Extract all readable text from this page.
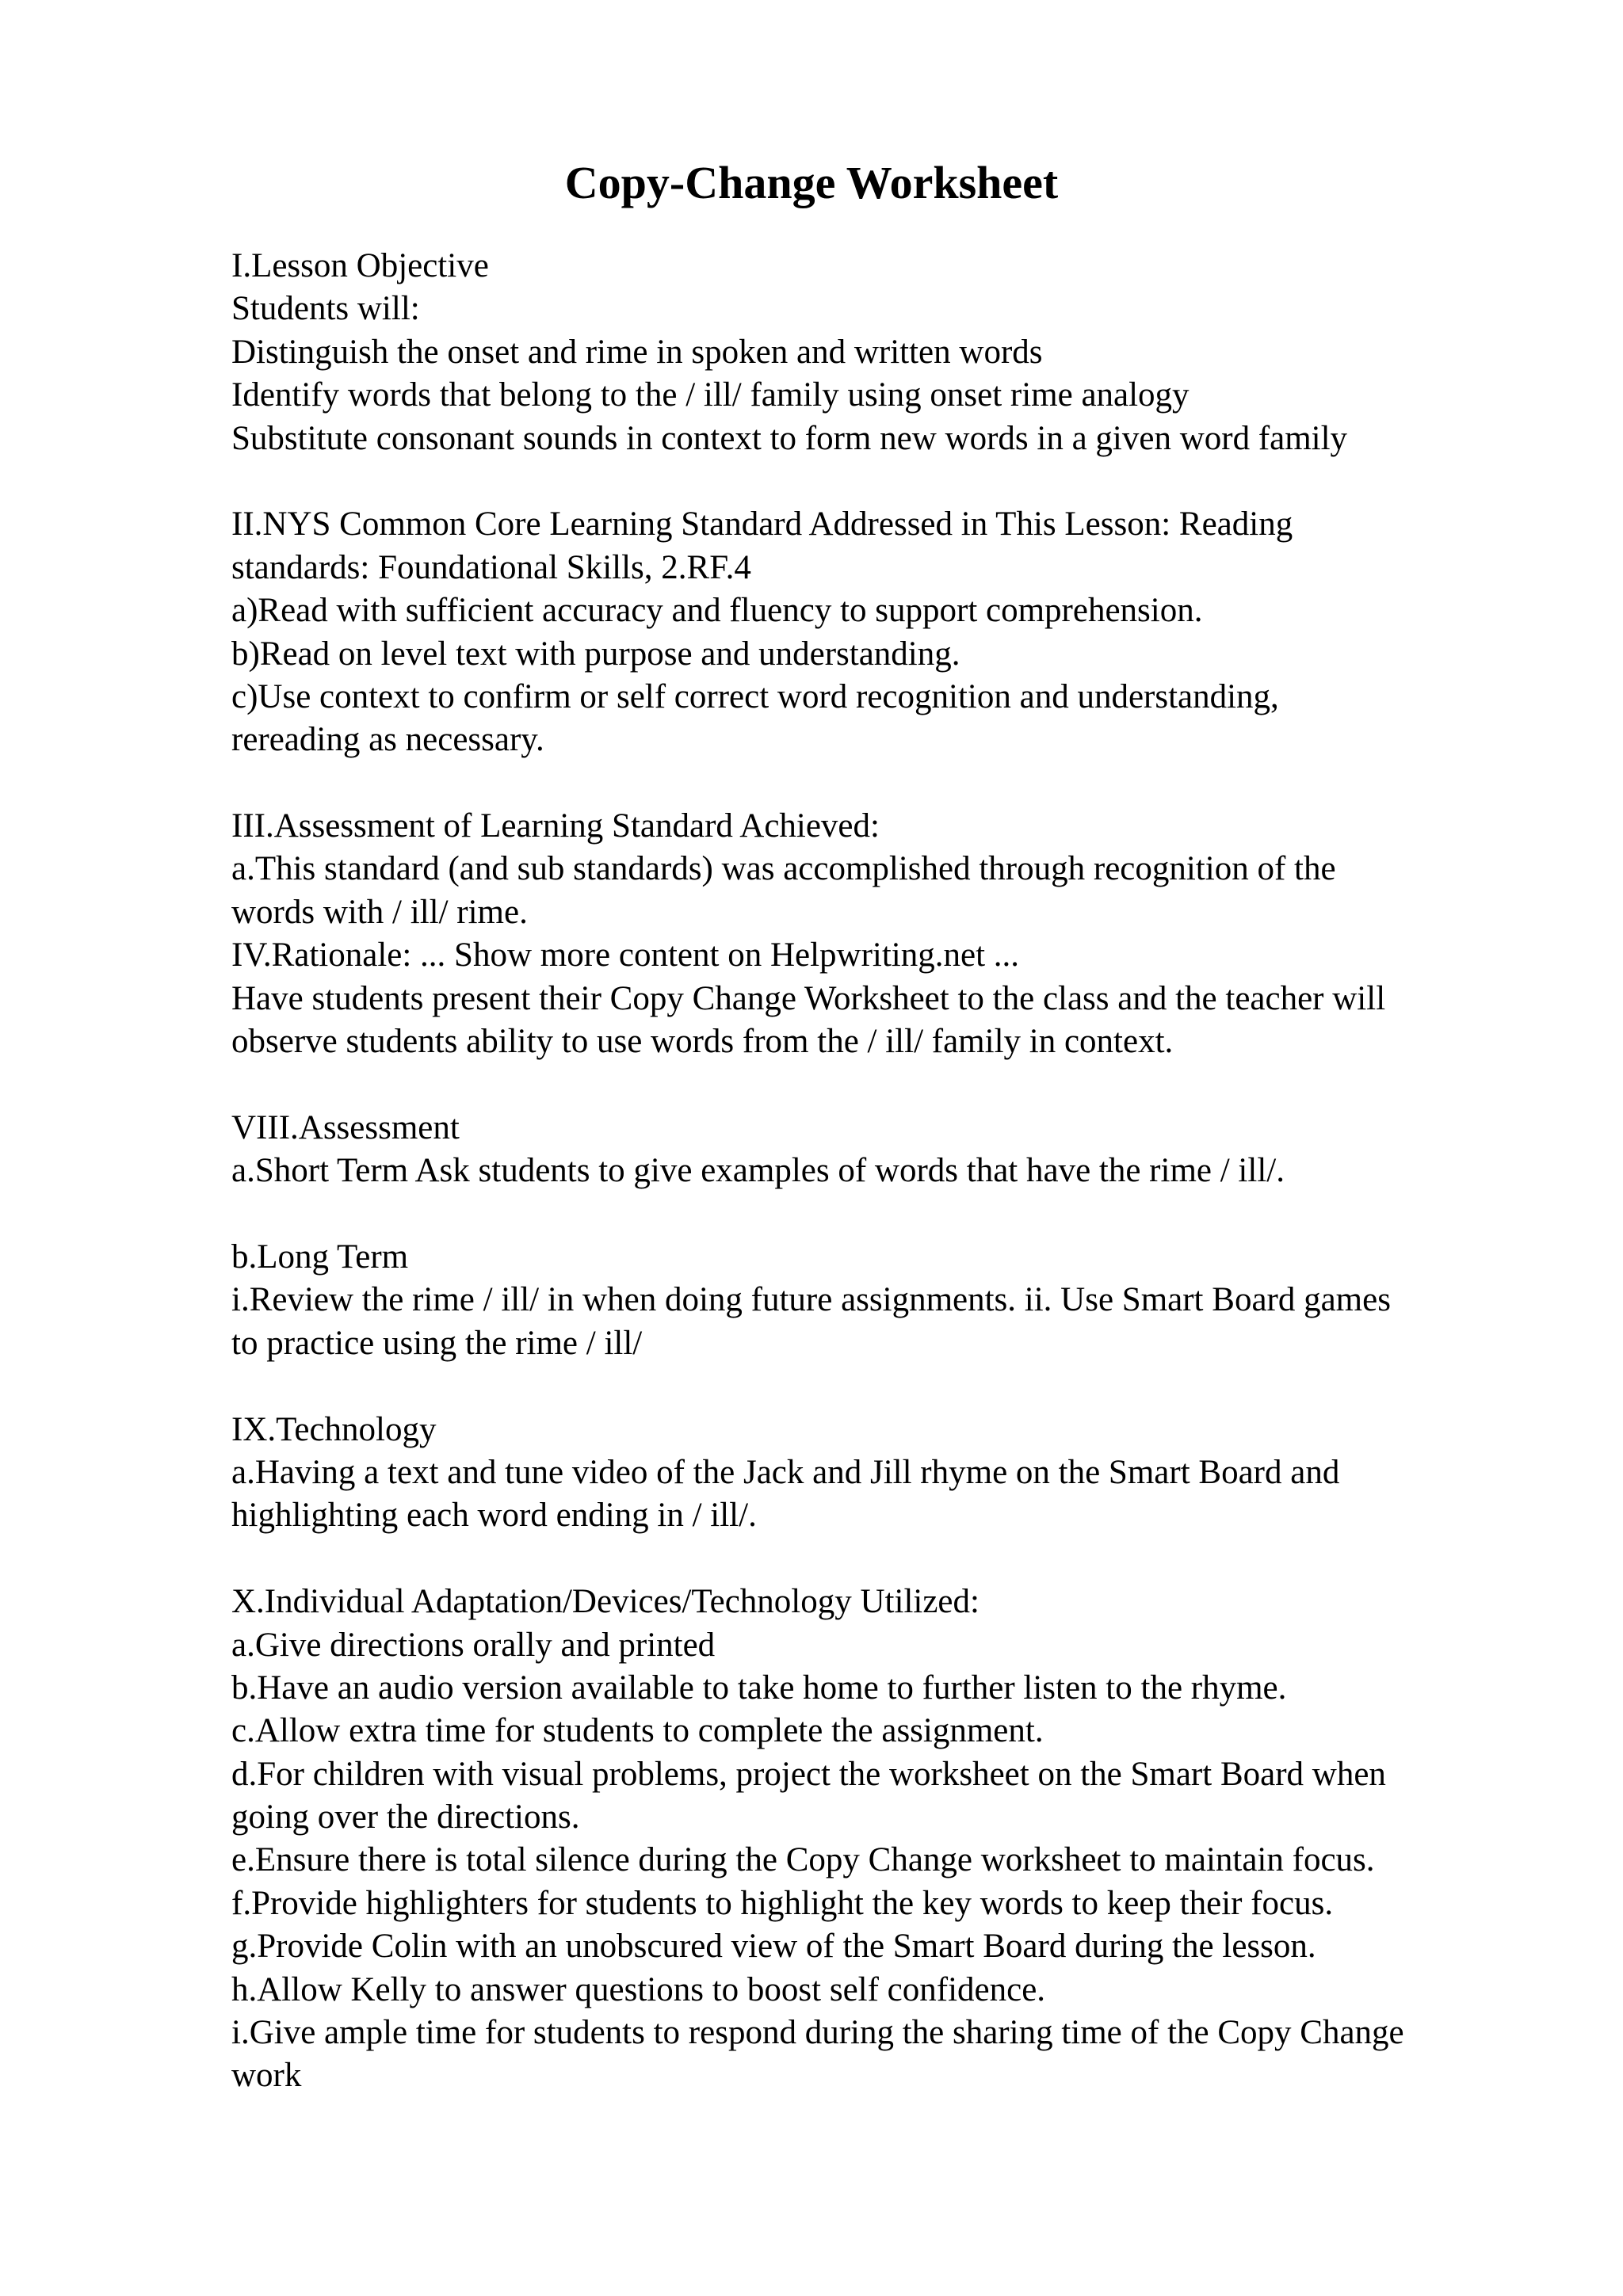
Copy-Change Worksheet
I.Lesson Objective
Students will:
Distinguish the onset and rime in spoken and written words
Identify words that belong to the / ill/ family using onset rime analogy
Substitute consonant sounds in context to form new words in a given word family
II.NYS Common Core Learning Standard Addressed in This Lesson: Reading
standards: Foundational Skills, 2.RF.4
a)Read with sufficient accuracy and fluency to support comprehension.
b)Read on level text with purpose and understanding.
c)Use context to confirm or self correct word recognition and understanding,
rereading as necessary.
III.Assessment of Learning Standard Achieved:
a.This standard (and sub standards) was accomplished through recognition of the
words with / ill/ rime.
IV.Rationale: ... Show more content on Helpwriting.net ...
Have students present their Copy Change Worksheet to the class and the teacher will
observe students ability to use words from the / ill/ family in context.
VIII.Assessment
a.Short Term Ask students to give examples of words that have the rime / ill/.
b.Long Term
i.Review the rime / ill/ in when doing future assignments. ii. Use Smart Board games
to practice using the rime / ill/
IX.Technology
a.Having a text and tune video of the Jack and Jill rhyme on the Smart Board and
highlighting each word ending in / ill/.
X.Individual Adaptation/Devices/Technology Utilized:
a.Give directions orally and printed
b.Have an audio version available to take home to further listen to the rhyme.
c.Allow extra time for students to complete the assignment.
d.For children with visual problems, project the worksheet on the Smart Board when
going over the directions.
e.Ensure there is total silence during the Copy Change worksheet to maintain focus.
f.Provide highlighters for students to highlight the key words to keep their focus.
g.Provide Colin with an unobscured view of the Smart Board during the lesson.
h.Allow Kelly to answer questions to boost self confidence.
i.Give ample time for students to respond during the sharing time of the Copy Change
work
